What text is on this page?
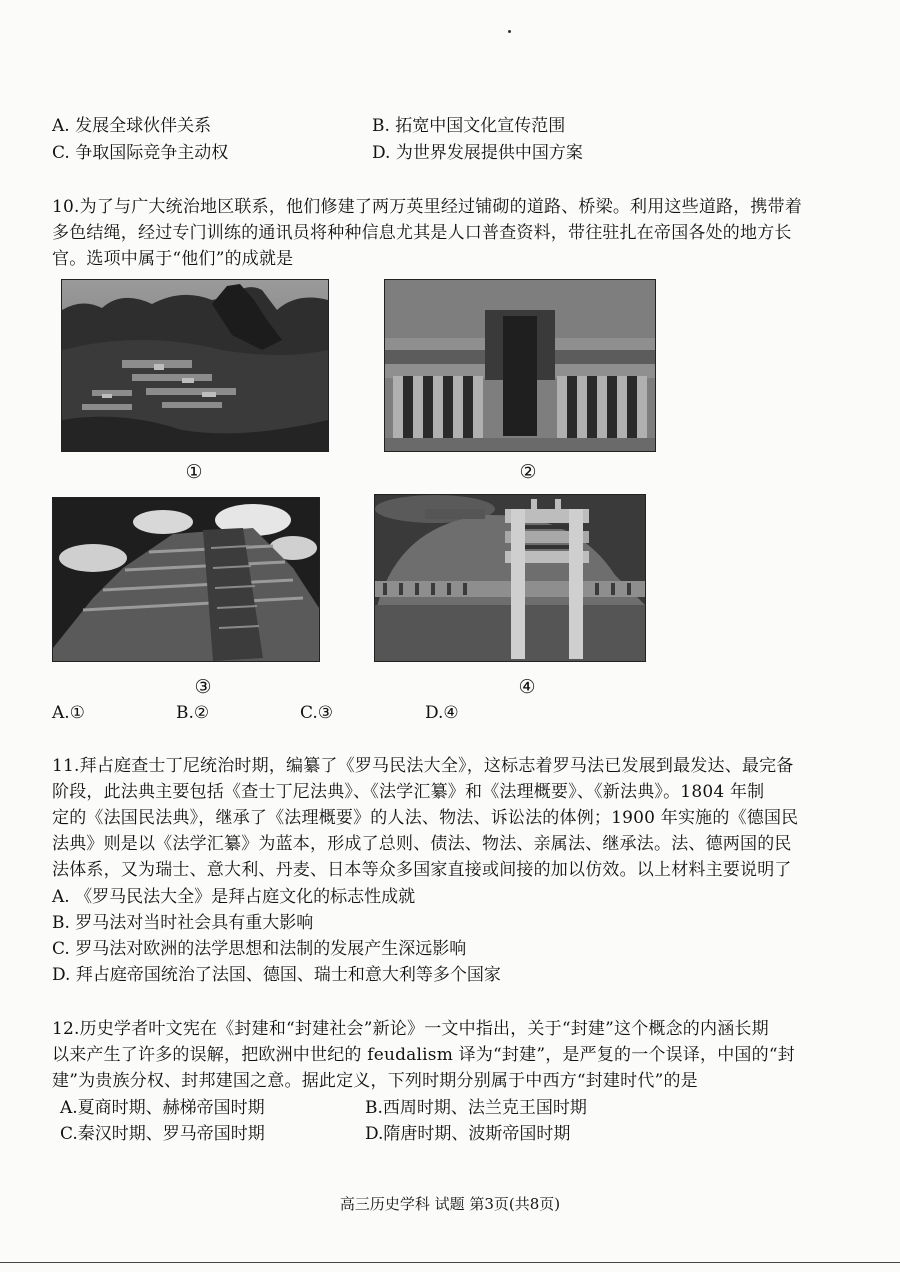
A. 发展全球伙伴关系	B. 拓宽中国文化宣传范围
C. 争取国际竞争主动权	D. 为世界发展提供中国方案
10.为了与广大统治地区联系，他们修建了两万英里经过铺砌的道路、桥梁。利用这些道路，携带着
多色结绳，经过专门训练的通讯员将种种信息尤其是人口普查资料，带往驻扎在帝国各处的地方长
官。选项中属于“他们”的成就是
①	②
③	④
A.①	B.②	C.③	D.④
11.拜占庭查士丁尼统治时期，编纂了《罗马民法大全》，这标志着罗马法已发展到最发达、最完备
阶段，此法典主要包括《查士丁尼法典》、《法学汇纂》和《法理概要》、《新法典》。1804 年制
定的《法国民法典》，继承了《法理概要》的人法、物法、诉讼法的体例；1900 年实施的《德国民
法典》则是以《法学汇纂》为蓝本，形成了总则、债法、物法、亲属法、继承法。法、德两国的民
法体系，又为瑞士、意大利、丹麦、日本等众多国家直接或间接的加以仿效。以上材料主要说明了
A. 《罗马民法大全》是拜占庭文化的标志性成就
B. 罗马法对当时社会具有重大影响
C. 罗马法对欧洲的法学思想和法制的发展产生深远影响
D. 拜占庭帝国统治了法国、德国、瑞士和意大利等多个国家
12.历史学者叶文宪在《封建和“封建社会”新论》一文中指出，关于“封建”这个概念的内涵长期
以来产生了许多的误解，把欧洲中世纪的 feudalism 译为“封建”，是严复的一个误译，中国的“封
建”为贵族分权、封邦建国之意。据此定义，下列时期分别属于中西方“封建时代”的是
A.夏商时期、赫梯帝国时期	B.西周时期、法兰克王国时期
C.秦汉时期、罗马帝国时期	D.隋唐时期、波斯帝国时期
高三历史学科 试题 第3页(共8页)
